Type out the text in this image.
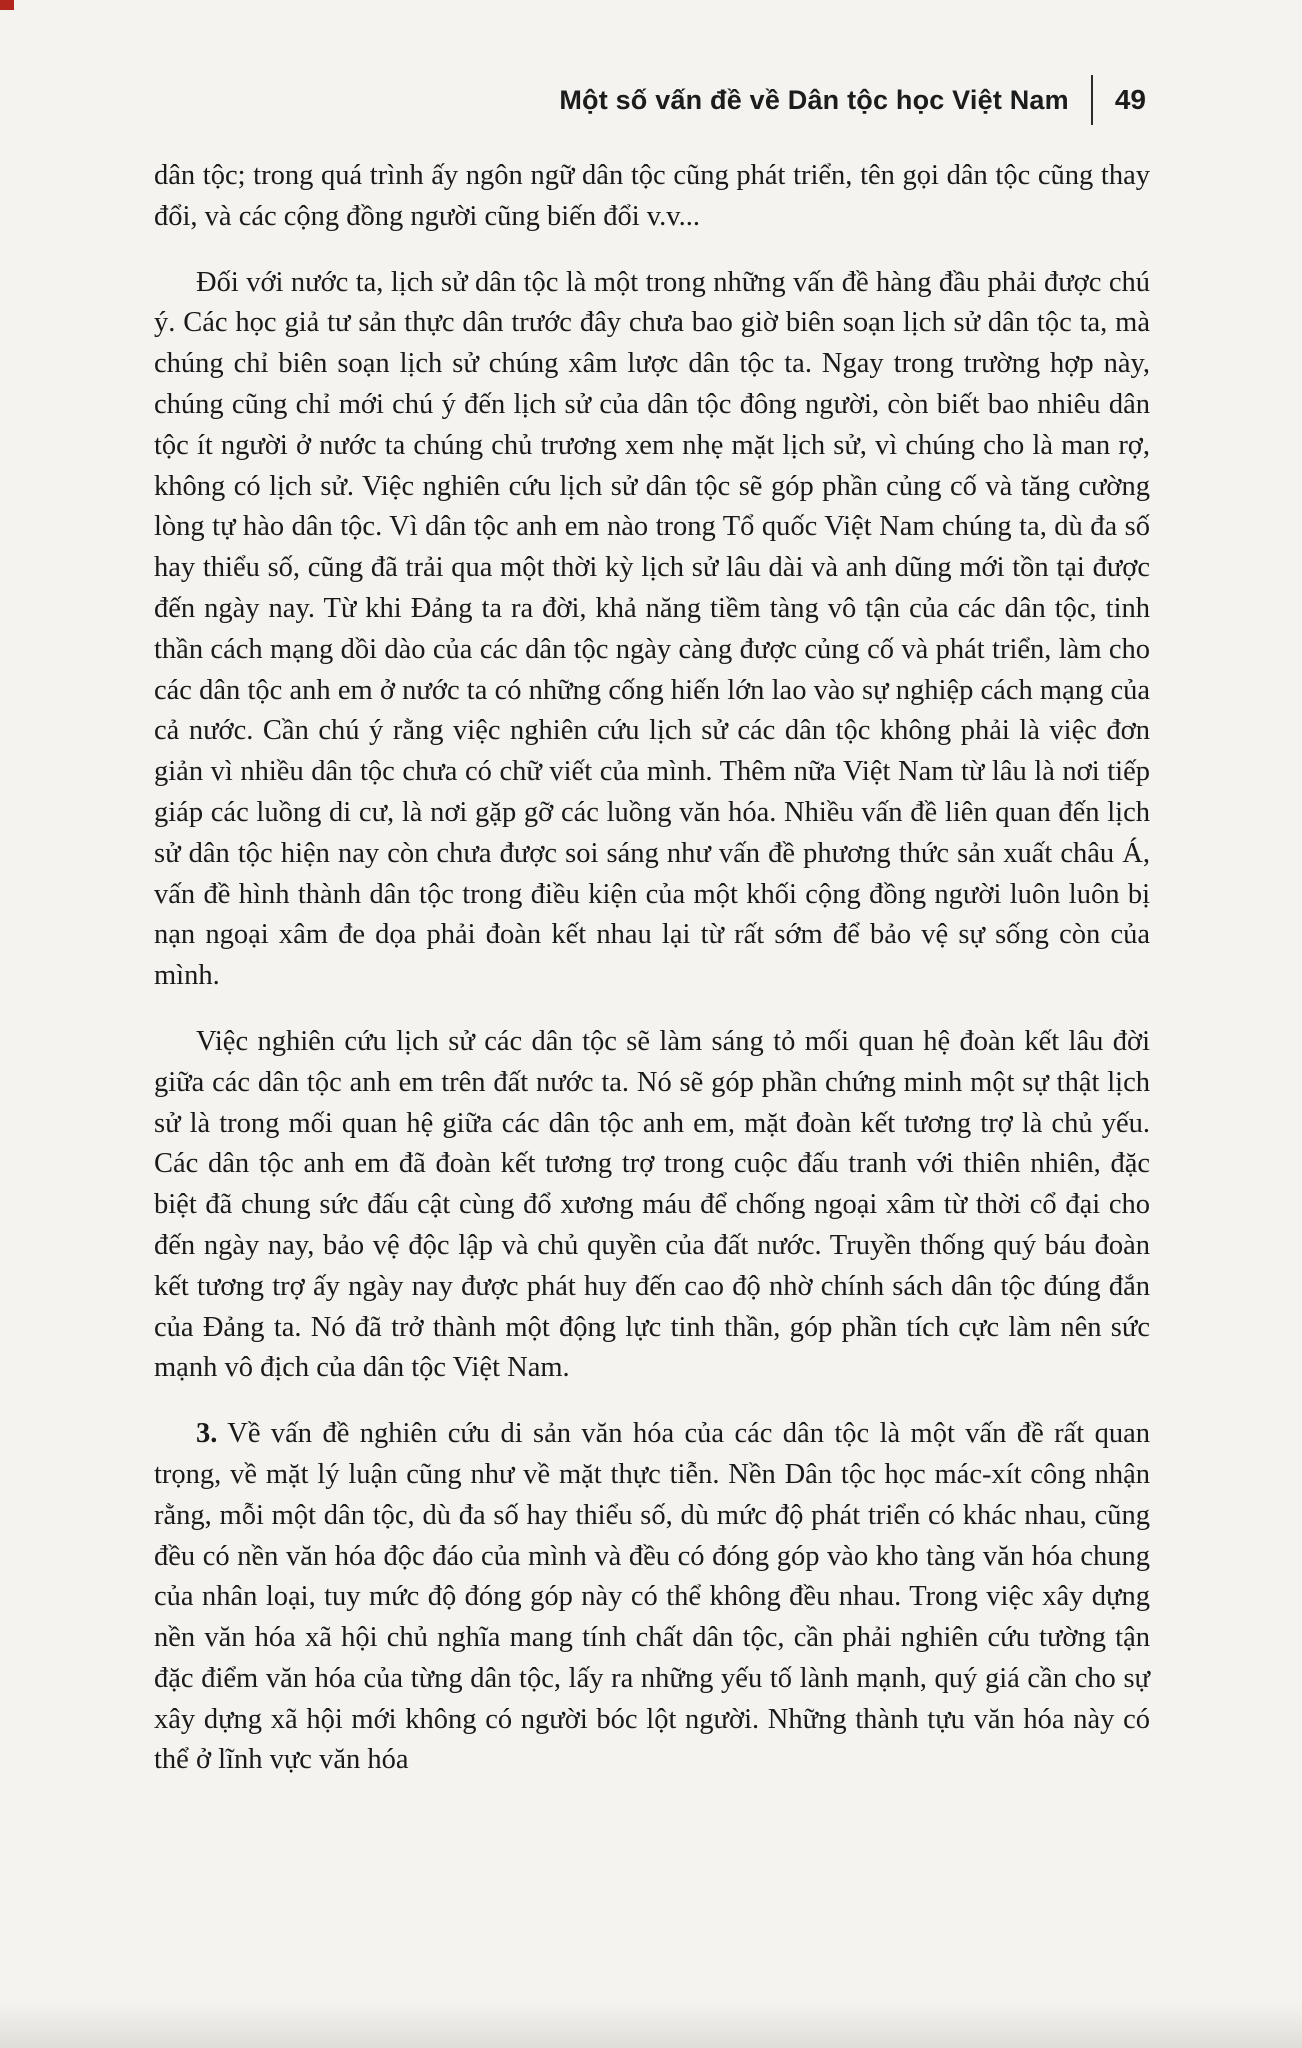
Một số vấn đề về Dân tộc học Việt Nam 49

dân tộc; trong quá trình ấy ngôn ngữ dân tộc cũng phát triển, tên gọi dân tộc cũng thay đổi, và các cộng đồng người cũng biến đổi v.v...

Đối với nước ta, lịch sử dân tộc là một trong những vấn đề hàng đầu phải được chú ý. Các học giả tư sản thực dân trước đây chưa bao giờ biên soạn lịch sử dân tộc ta, mà chúng chỉ biên soạn lịch sử chúng xâm lược dân tộc ta. Ngay trong trường hợp này, chúng cũng chỉ mới chú ý đến lịch sử của dân tộc đông người, còn biết bao nhiêu dân tộc ít người ở nước ta chúng chủ trương xem nhẹ mặt lịch sử, vì chúng cho là man rợ, không có lịch sử. Việc nghiên cứu lịch sử dân tộc sẽ góp phần củng cố và tăng cường lòng tự hào dân tộc. Vì dân tộc anh em nào trong Tổ quốc Việt Nam chúng ta, dù đa số hay thiểu số, cũng đã trải qua một thời kỳ lịch sử lâu dài và anh dũng mới tồn tại được đến ngày nay. Từ khi Đảng ta ra đời, khả năng tiềm tàng vô tận của các dân tộc, tinh thần cách mạng dồi dào của các dân tộc ngày càng được củng cố và phát triển, làm cho các dân tộc anh em ở nước ta có những cống hiến lớn lao vào sự nghiệp cách mạng của cả nước. Cần chú ý rằng việc nghiên cứu lịch sử các dân tộc không phải là việc đơn giản vì nhiều dân tộc chưa có chữ viết của mình. Thêm nữa Việt Nam từ lâu là nơi tiếp giáp các luồng di cư, là nơi gặp gỡ các luồng văn hóa. Nhiều vấn đề liên quan đến lịch sử dân tộc hiện nay còn chưa được soi sáng như vấn đề phương thức sản xuất châu Á, vấn đề hình thành dân tộc trong điều kiện của một khối cộng đồng người luôn luôn bị nạn ngoại xâm đe dọa phải đoàn kết nhau lại từ rất sớm để bảo vệ sự sống còn của mình.

Việc nghiên cứu lịch sử các dân tộc sẽ làm sáng tỏ mối quan hệ đoàn kết lâu đời giữa các dân tộc anh em trên đất nước ta. Nó sẽ góp phần chứng minh một sự thật lịch sử là trong mối quan hệ giữa các dân tộc anh em, mặt đoàn kết tương trợ là chủ yếu. Các dân tộc anh em đã đoàn kết tương trợ trong cuộc đấu tranh với thiên nhiên, đặc biệt đã chung sức đấu cật cùng đổ xương máu để chống ngoại xâm từ thời cổ đại cho đến ngày nay, bảo vệ độc lập và chủ quyền của đất nước. Truyền thống quý báu đoàn kết tương trợ ấy ngày nay được phát huy đến cao độ nhờ chính sách dân tộc đúng đắn của Đảng ta. Nó đã trở thành một động lực tinh thần, góp phần tích cực làm nên sức mạnh vô địch của dân tộc Việt Nam.

3. Về vấn đề nghiên cứu di sản văn hóa của các dân tộc là một vấn đề rất quan trọng, về mặt lý luận cũng như về mặt thực tiễn. Nền Dân tộc học mác-xít công nhận rằng, mỗi một dân tộc, dù đa số hay thiểu số, dù mức độ phát triển có khác nhau, cũng đều có nền văn hóa độc đáo của mình và đều có đóng góp vào kho tàng văn hóa chung của nhân loại, tuy mức độ đóng góp này có thể không đều nhau. Trong việc xây dựng nền văn hóa xã hội chủ nghĩa mang tính chất dân tộc, cần phải nghiên cứu tường tận đặc điểm văn hóa của từng dân tộc, lấy ra những yếu tố lành mạnh, quý giá cần cho sự xây dựng xã hội mới không có người bóc lột người. Những thành tựu văn hóa này có thể ở lĩnh vực văn hóa
